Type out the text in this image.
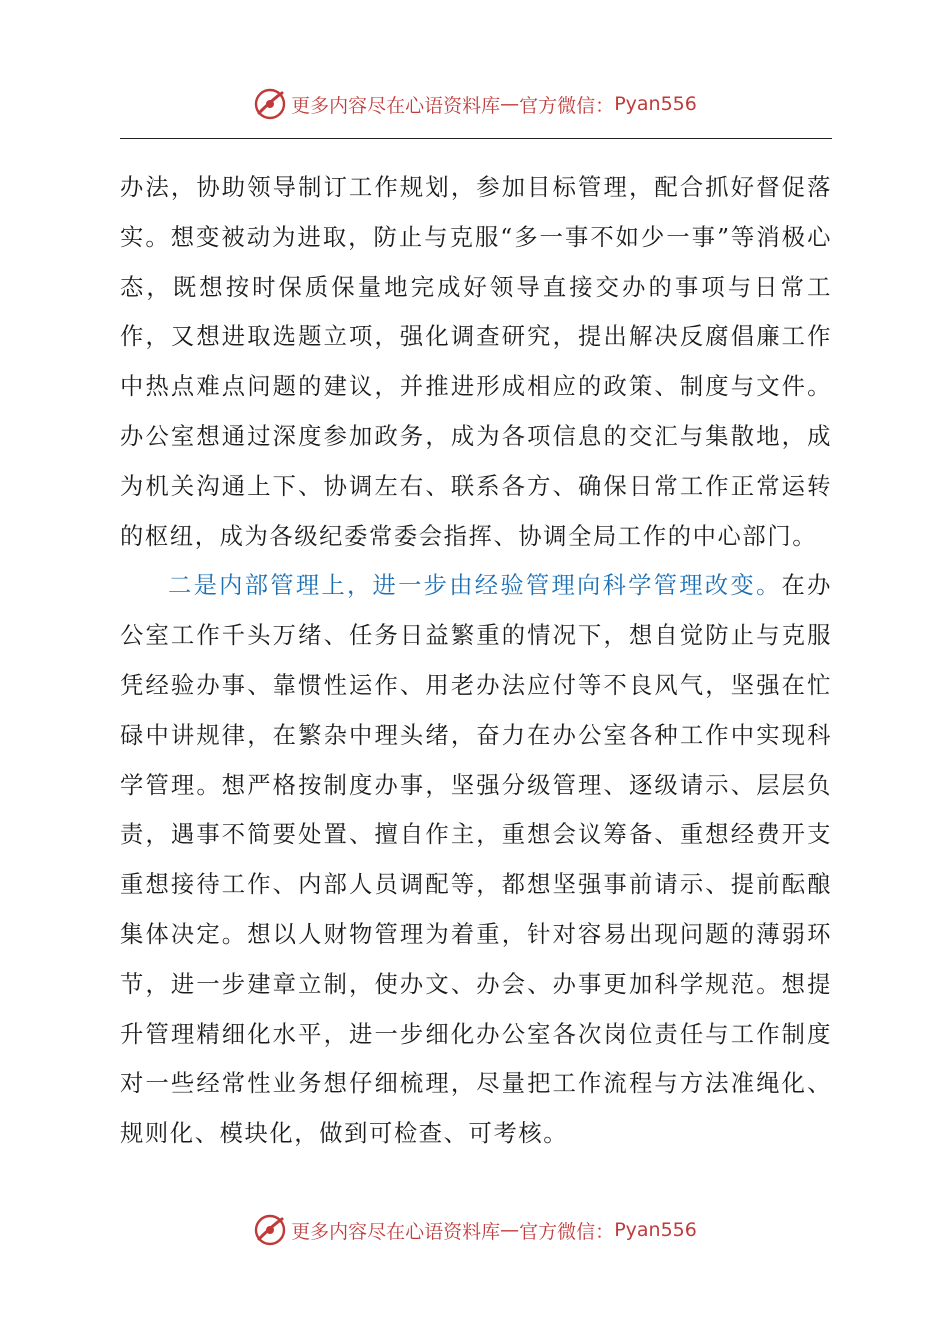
更多内容尽在心语资料库 — 官方微信： Pyan556

办法，协助领导制订工作规划，参加目标管理，配合抓好督促落实。想变被动为进取，防止与克服“多一事不如少一事”等消极心态，既想按时保质保量地完成好领导直接交办的事项与日常工作，又想进取选题立项，强化调查研究，提出解决反腐倡廉工作中热点难点问题的建议，并推进形成相应的政策、制度与文件。办公室想通过深度参加政务，成为各项信息的交汇与集散地，成为机关沟通上下、协调左右、联系各方、确保日常工作正常运转的枢纽，成为各级纪委常委会指挥、协调全局工作的中心部门。

二是内部管理上，进一步由经验管理向科学管理改变。在办公室工作千头万绪、任务日益繁重的情况下，想自觉防止与克服凭经验办事、靠惯性运作、用老办法应付等不良风气，坚强在忙碌中讲规律，在繁杂中理头绪，奋力在办公室各种工作中实现科学管理。想严格按制度办事，坚强分级管理、逐级请示、层层负责，遇事不简要处置、擅自作主，重想会议筹备、重想经费开支重想接待工作、内部人员调配等，都想坚强事前请示、提前酝酿集体决定。想以人财物管理为着重，针对容易出现问题的薄弱环节，进一步建章立制，使办文、办会、办事更加科学规范。想提升管理精细化水平，进一步细化办公室各次岗位责任与工作制度对一些经常性业务想仔细梳理，尽量把工作流程与方法准绳化、规则化、模块化，做到可检查、可考核。

更多内容尽在心语资料库 — 官方微信： Pyan556
